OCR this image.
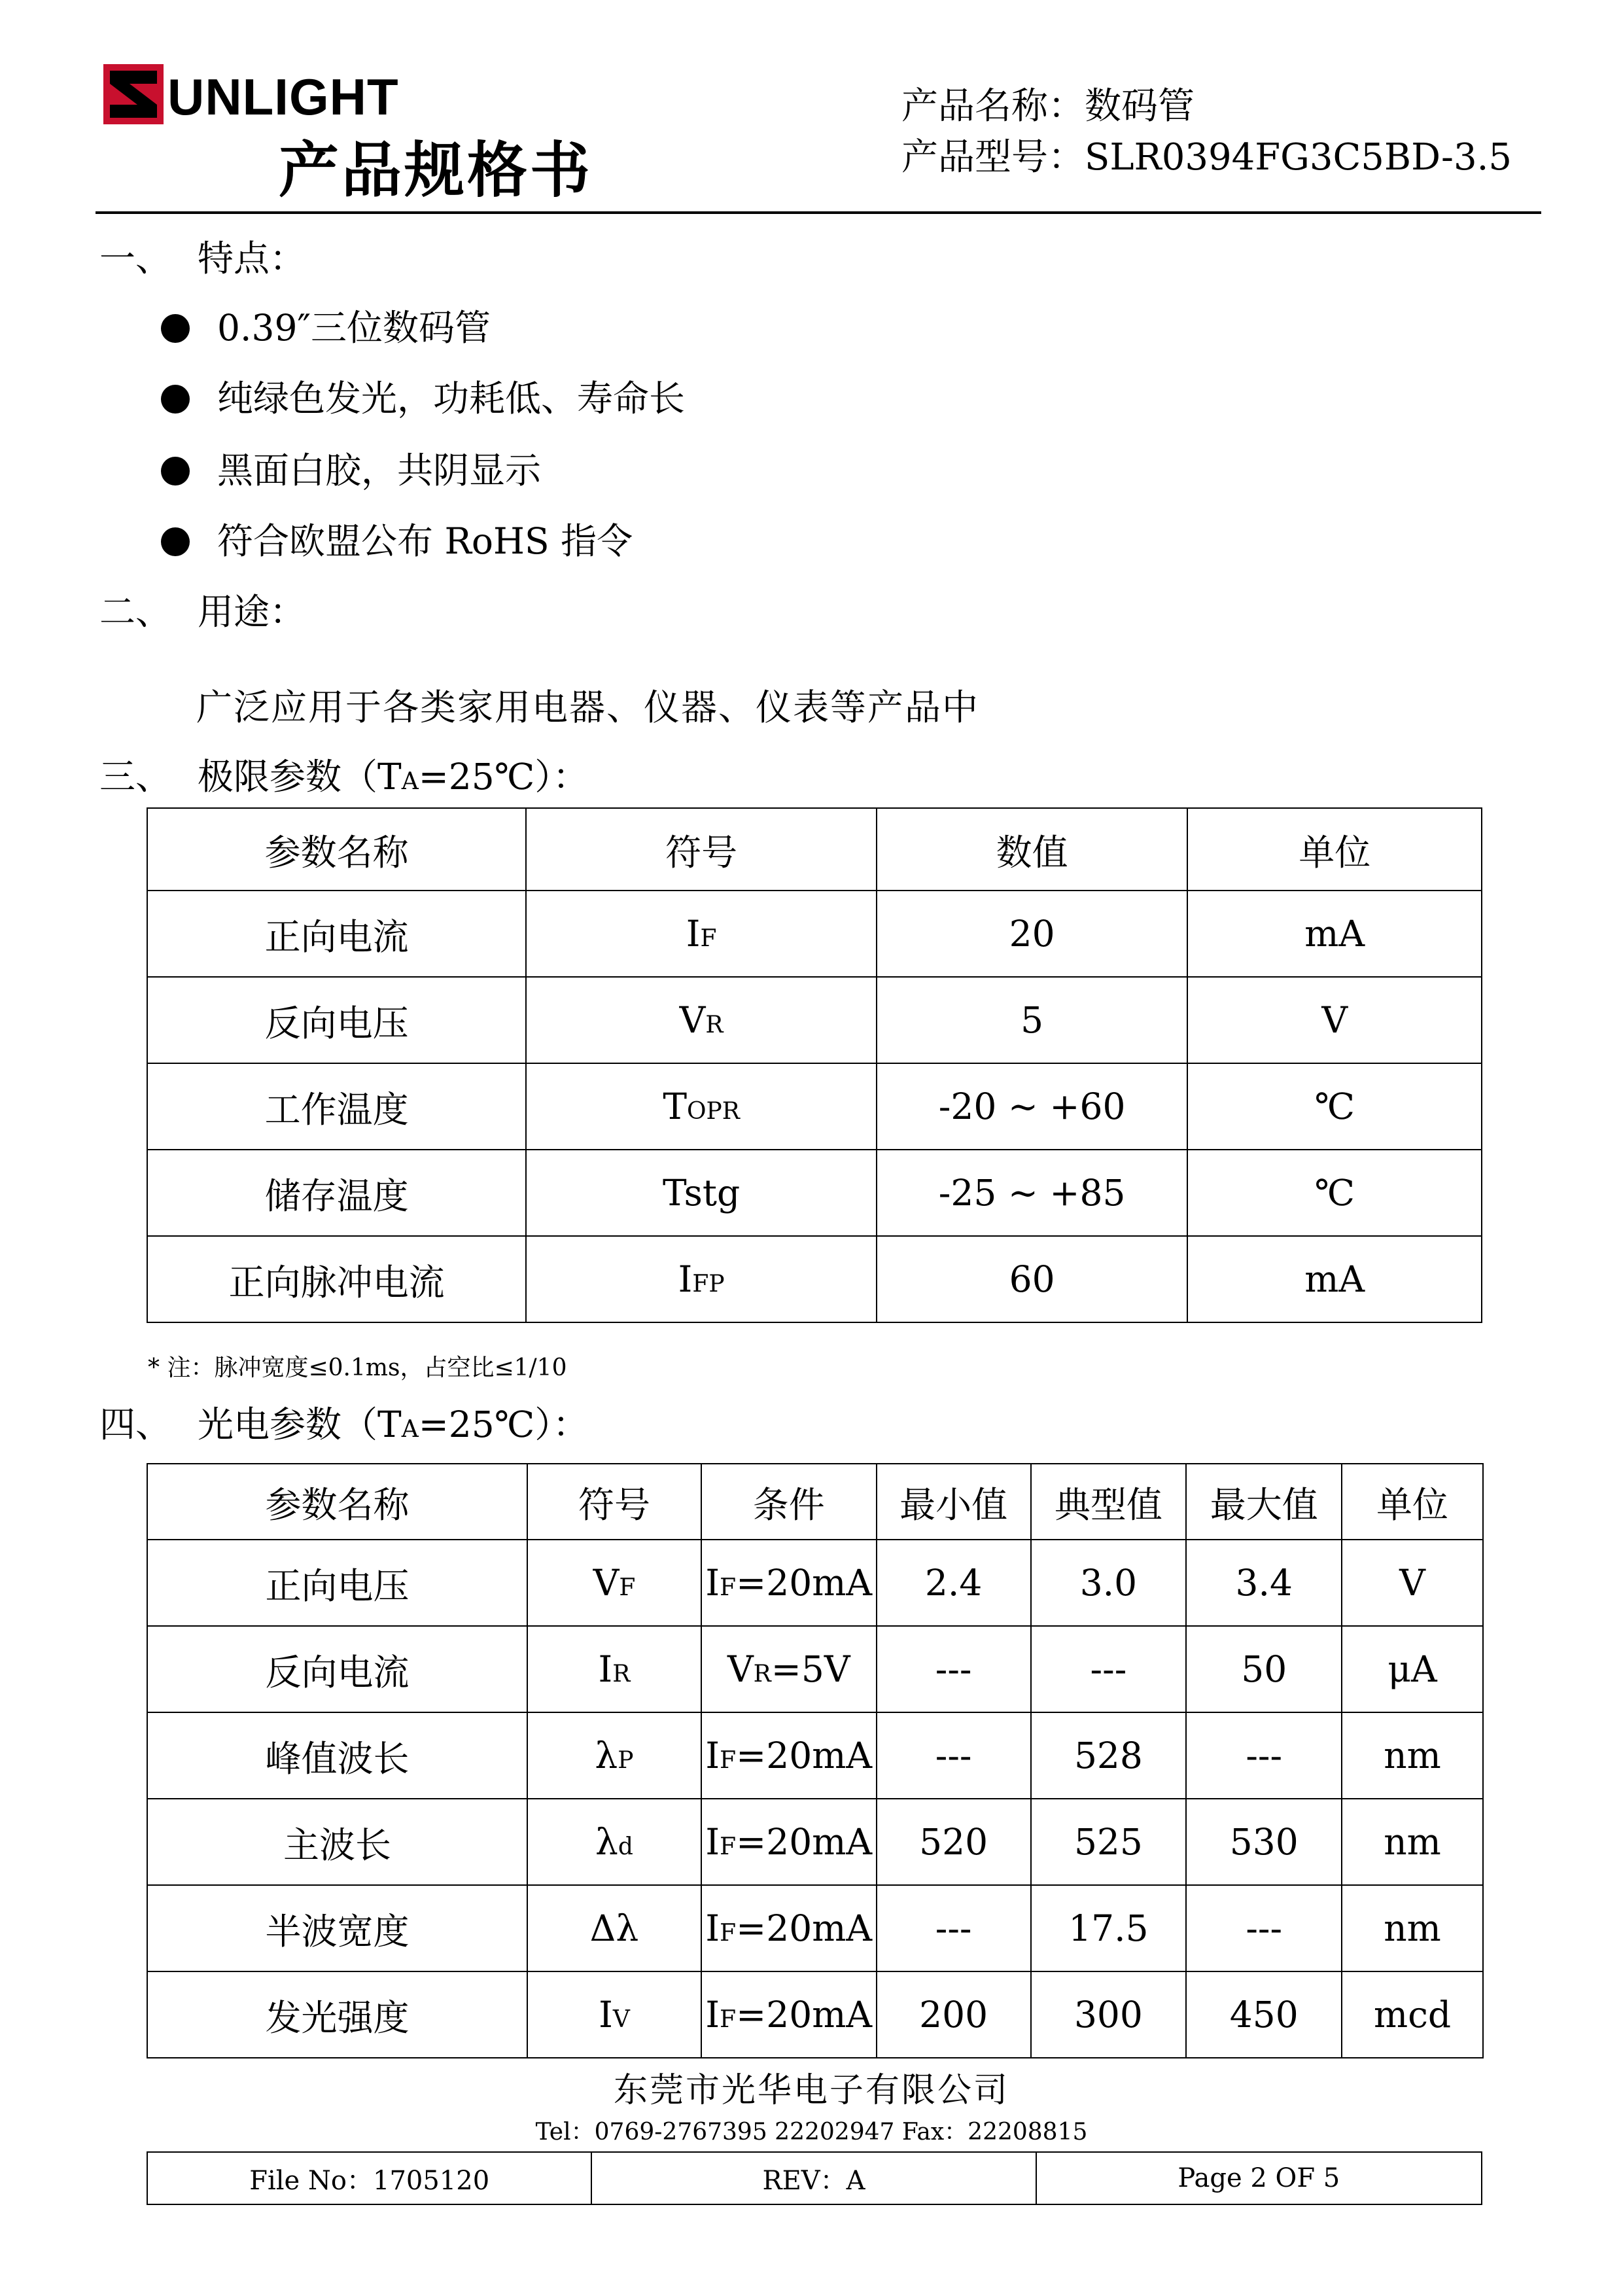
UNLIGHT
产品规格书
产品名称：数码管
产品型号：SLR0394FG3C5BD-3.5
一、 特点：
0.39″三位数码管
纯绿色发光，功耗低、寿命长
黑面白胶，共阴显示
符合欧盟公布 RoHS 指令
二、 用途：
广泛应用于各类家用电器、仪器、仪表等产品中
三、 极限参数（TA=25℃）：
参数名称	符号	数值	单位
正向电流	IF	20	mA
反向电压	VR	5	V
工作温度	TOPR	-20 ~ +60	℃
储存温度	Tstg	-25 ~ +85	℃
正向脉冲电流	IFP	60	mA
* 注：脉冲宽度≤0.1ms，占空比≤1/10
四、 光电参数（TA=25℃）：
参数名称	符号	条件	最小值	典型值	最大值	单位
正向电压	VF	IF=20mA	2.4	3.0	3.4	V
反向电流	IR	VR=5V	---	---	50	μA
峰值波长	λP	IF=20mA	---	528	---	nm
主波长	λd	IF=20mA	520	525	530	nm
半波宽度	Δλ	IF=20mA	---	17.5	---	nm
发光强度	IV	IF=20mA	200	300	450	mcd
东莞市光华电子有限公司
Tel：0769-2767395 22202947 Fax：22208815
File No：1705120	REV：A	Page 2 OF 5
